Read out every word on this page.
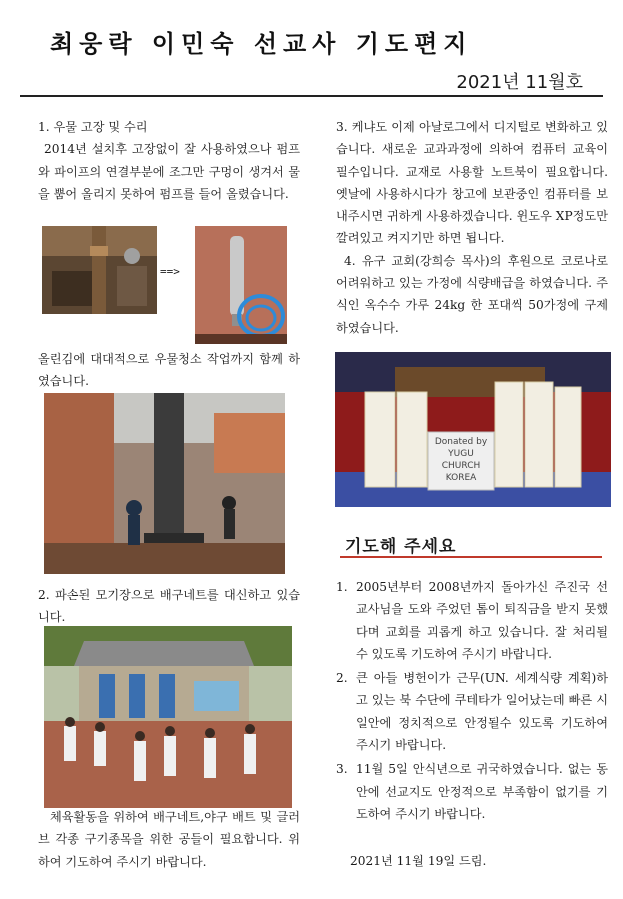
최웅락 이민숙 선교사 기도편지
2021년 11월호

1. 우물 고장 및 수리

2014년 설치후 고장없이 잘 사용하였으나 펌프와 파이프의 연결부분에 조그만 구멍이 생겨서 물을 뿜어 올리지 못하여 펌프를 들어 올렸습니다.

==>

올린김에 대대적으로 우물청소 작업까지 함께 하였습니다.

2. 파손된 모기장으로 배구네트를 대신하고 있습니다.

체육활동을 위하여 배구네트,야구 배트 및 글러브 각종 구기종목을 위한 공들이 필요합니다. 위하여 기도하여 주시기 바랍니다.

3. 케냐도 이제 아날로그에서 디지털로 변화하고 있습니다. 새로운 교과과정에 의하여 컴퓨터 교육이 필수입니다. 교재로 사용할 노트북이 필요합니다. 옛날에 사용하시다가 창고에 보관중인 컴퓨터를 보내주시면 귀하게 사용하겠습니다. 윈도우 XP정도만 깔려있고 켜지기만 하면 됩니다.

4. 유구 교회(강희승 목사)의 후원으로 코로나로 어려워하고 있는 가정에 식량배급을 하였습니다. 주식인 옥수수 가루 24kg 한 포대씩 50가정에 구제하였습니다.

Donated by YUGU CHURCH KOREA
기도해 주세요
1. 2005년부터 2008년까지 돌아가신 주진국 선교사님을 도와 주었던 톰이 퇴직금을 받지 못했다며 교회를 괴롭게 하고 있습니다. 잘 처리될 수 있도록 기도하여 주시기 바랍니다.
2. 큰 아들 병헌이가 근무(UN. 세계식량 계획)하고 있는 북 수단에 쿠테타가 일어났는데 빠른 시일안에 정치적으로 안정될수 있도록 기도하여 주시기 바랍니다.
3. 11월 5일 안식년으로 귀국하였습니다. 없는 동안에 선교지도 안정적으로 부족함이 없기를 기도하여 주시기 바랍니다.
2021년 11월 19일 드림.
